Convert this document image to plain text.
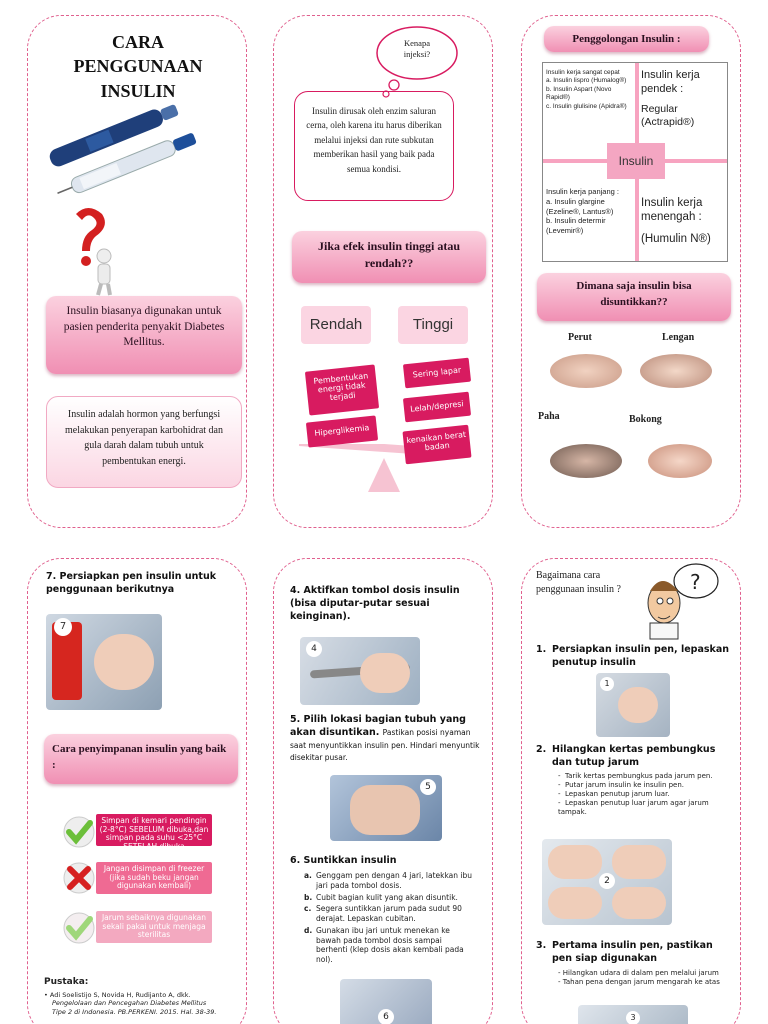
CARA PENGGUNAAN INSULIN
Insulin biasanya digunakan untuk pasien penderita penyakit Diabetes Mellitus.
Insulin adalah hormon yang berfungsi melakukan penyerapan karbohidrat dan gula darah dalam tubuh untuk pembentukan energi.
Kenapa injeksi?
Insulin dirusak oleh enzim saluran cerna, oleh karena itu harus diberikan melalui injeksi dan rute subkutan memberikan hasil yang baik pada semua kondisi.
Jika efek insulin tinggi atau rendah??
Rendah	Tinggi
Pembentukan energi tidak terjadi
Hiperglikemia
Sering lapar
Lelah/depresi
kenaikan berat badan
Penggolongan Insulin :
Insulin kerja sangat cepat
a. Insulin lispro (Humalog®)
b. Insulin Aspart (Novo Rapid®)
c. Insulin glulisine (Apidra®)
Insulin kerja pendek :
Regular (Actrapid®)
Insulin kerja panjang :
a. Insulin glargine (Ezeline®, Lantus®)
b. Insulin determir (Levemir®)
Insulin kerja menengah :
(Humulin N®)
Insulin
Dimana saja insulin bisa disuntikkan??
Perut	Lengan
Paha	Bokong
7. Persiapkan pen insulin untuk penggunaan berikutnya
7
Cara penyimpanan insulin yang baik :
Simpan di kemari pendingin (2-8°C) SEBELUM dibuka,dan simpan pada suhu <25°C SETELAH dibuka
Jangan disimpan di freezer (jika sudah beku jangan digunakan kembali)
Jarum sebaiknya digunakan sekali pakai untuk menjaga sterilitas
Pustaka:
• Adi Soelistijo S, Novida H, Rudijanto A, dkk.
Pengelolaan dan Pencegahan Diabetes Mellitus
Tipe 2 di Indonesia. PB.PERKENI. 2015. Hal. 38-39.
4. Aktifkan tombol dosis insulin (bisa diputar-putar sesuai keinginan).
4
5. Pilih lokasi bagian tubuh yang akan disuntikan. Pastikan posisi nyaman saat menyuntikkan insulin pen. Hindari menyuntik disekitar pusar.
5
6. Suntikkan insulin
a. Genggam pen dengan 4 jari, latekkan ibu jari pada tombol dosis.
b. Cubit bagian kulit yang akan disuntik.
c. Segera suntikkan jarum pada sudut 90 derajat. Lepaskan cubitan.
d. Gunakan ibu jari untuk menekan ke bawah pada tombol dosis sampai berhenti (klep dosis akan kembali pada nol).
6
Bagaimana cara penggunaan insulin ?	?
1. Persiapkan insulin pen, lepaskan penutup insulin
1
2. Hilangkan kertas pembungkus dan tutup jarum
-  Tarik kertas pembungkus pada jarum pen.
-  Putar jarum insulin ke insulin pen.
-  Lepaskan penutup jarum luar.
-  Lepaskan penutup luar jarum agar jarum tampak.
2
3. Pertama insulin pen, pastikan pen siap digunakan
- Hilangkan udara di dalam pen melalui jarum
- Tahan pena dengan jarum mengarah ke atas
3
